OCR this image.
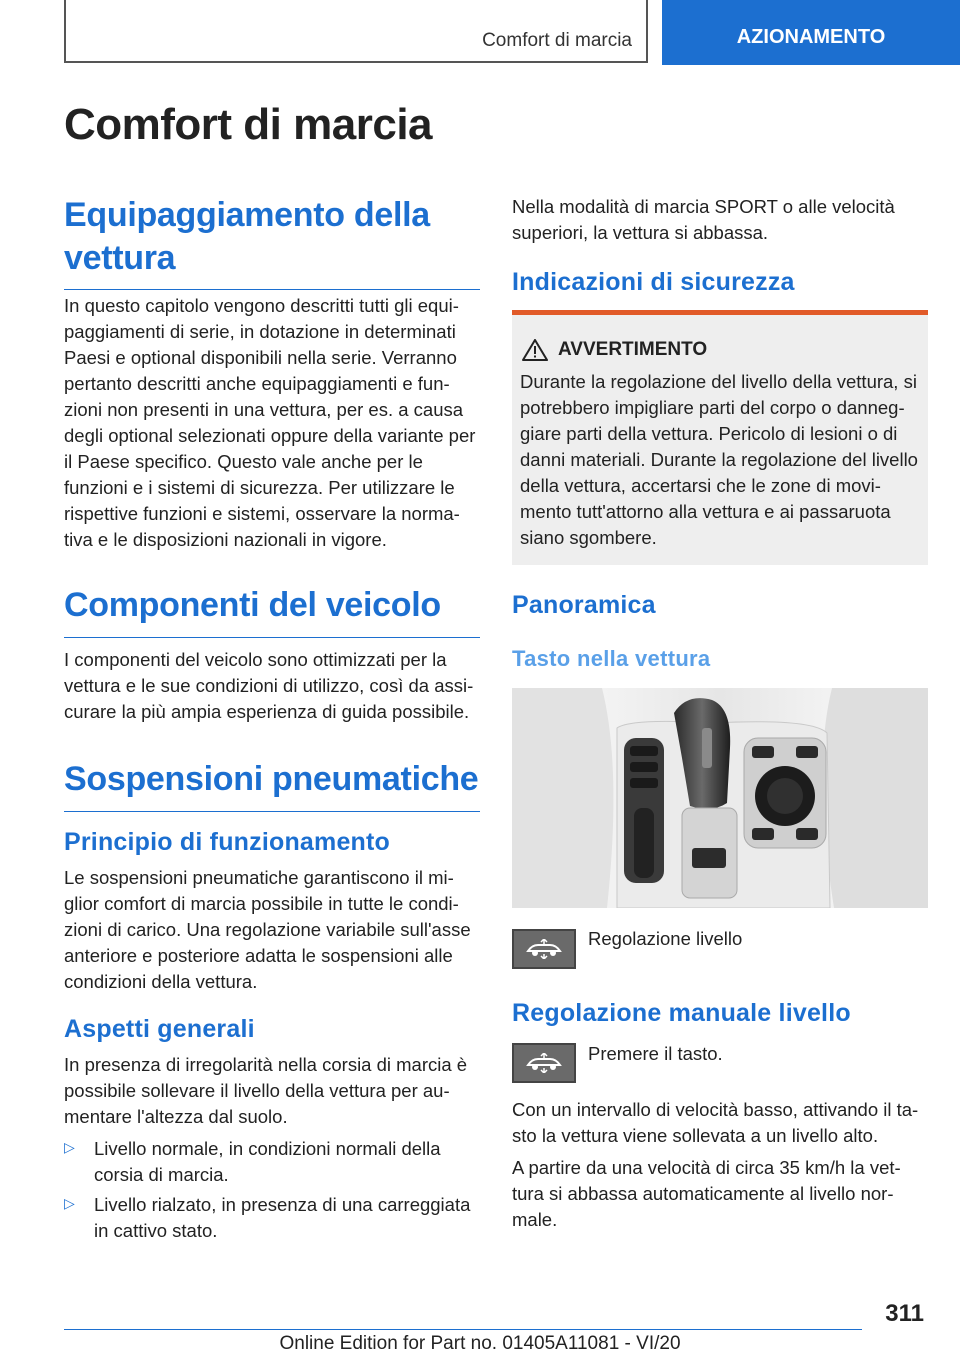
Comfort di marcia	AZIONAMENTO
Comfort di marcia
Equipaggiamento della vettura

In questo capitolo vengono descritti tutti gli equi-paggiamenti di serie, in dotazione in determinati Paesi e optional disponibili nella serie. Verranno pertanto descritti anche equipaggiamenti e fun-zioni non presenti in una vettura, per es. a causa degli optional selezionati oppure della variante per il Paese specifico. Questo vale anche per le funzioni e i sistemi di sicurezza. Per utilizzare le rispettive funzioni e sistemi, osservare la norma-tiva e le disposizioni nazionali in vigore.

Componenti del veicolo

I componenti del veicolo sono ottimizzati per la vettura e le sue condizioni di utilizzo, così da assi-curare la più ampia esperienza di guida possibile.

Sospensioni pneumatiche
Principio di funzionamento

Le sospensioni pneumatiche garantiscono il mi-glior comfort di marcia possibile in tutte le condi-zioni di carico. Una regolazione variabile sull'asse anteriore e posteriore adatta le sospensioni alle condizioni della vettura.

Aspetti generali

In presenza di irregolarità nella corsia di marcia è possibile sollevare il livello della vettura per au-mentare l'altezza dal suolo.

▷ Livello normale, in condizioni normali della corsia di marcia.

▷ Livello rialzato, in presenza di una carreggiata in cattivo stato.

Nella modalità di marcia SPORT o alle velocità superiori, la vettura si abbassa.

Indicazioni di sicurezza
AVVERTIMENTO
Durante la regolazione del livello della vettura, si potrebbero impigliare parti del corpo o danneg-giare parti della vettura. Pericolo di lesioni o di danni materiali. Durante la regolazione del livello della vettura, accertarsi che le zone di movi-mento tutt'attorno alla vettura e ai passaruota siano sgombere.
Panoramica
Tasto nella vettura

Regolazione livello

Regolazione manuale livello

Premere il tasto.

Con un intervallo di velocità basso, attivando il ta-sto la vettura viene sollevata a un livello alto.

A partire da una velocità di circa 35 km/h la vet-tura si abbassa automaticamente al livello nor-male.

311
Online Edition for Part no. 01405A11081 - VI/20
